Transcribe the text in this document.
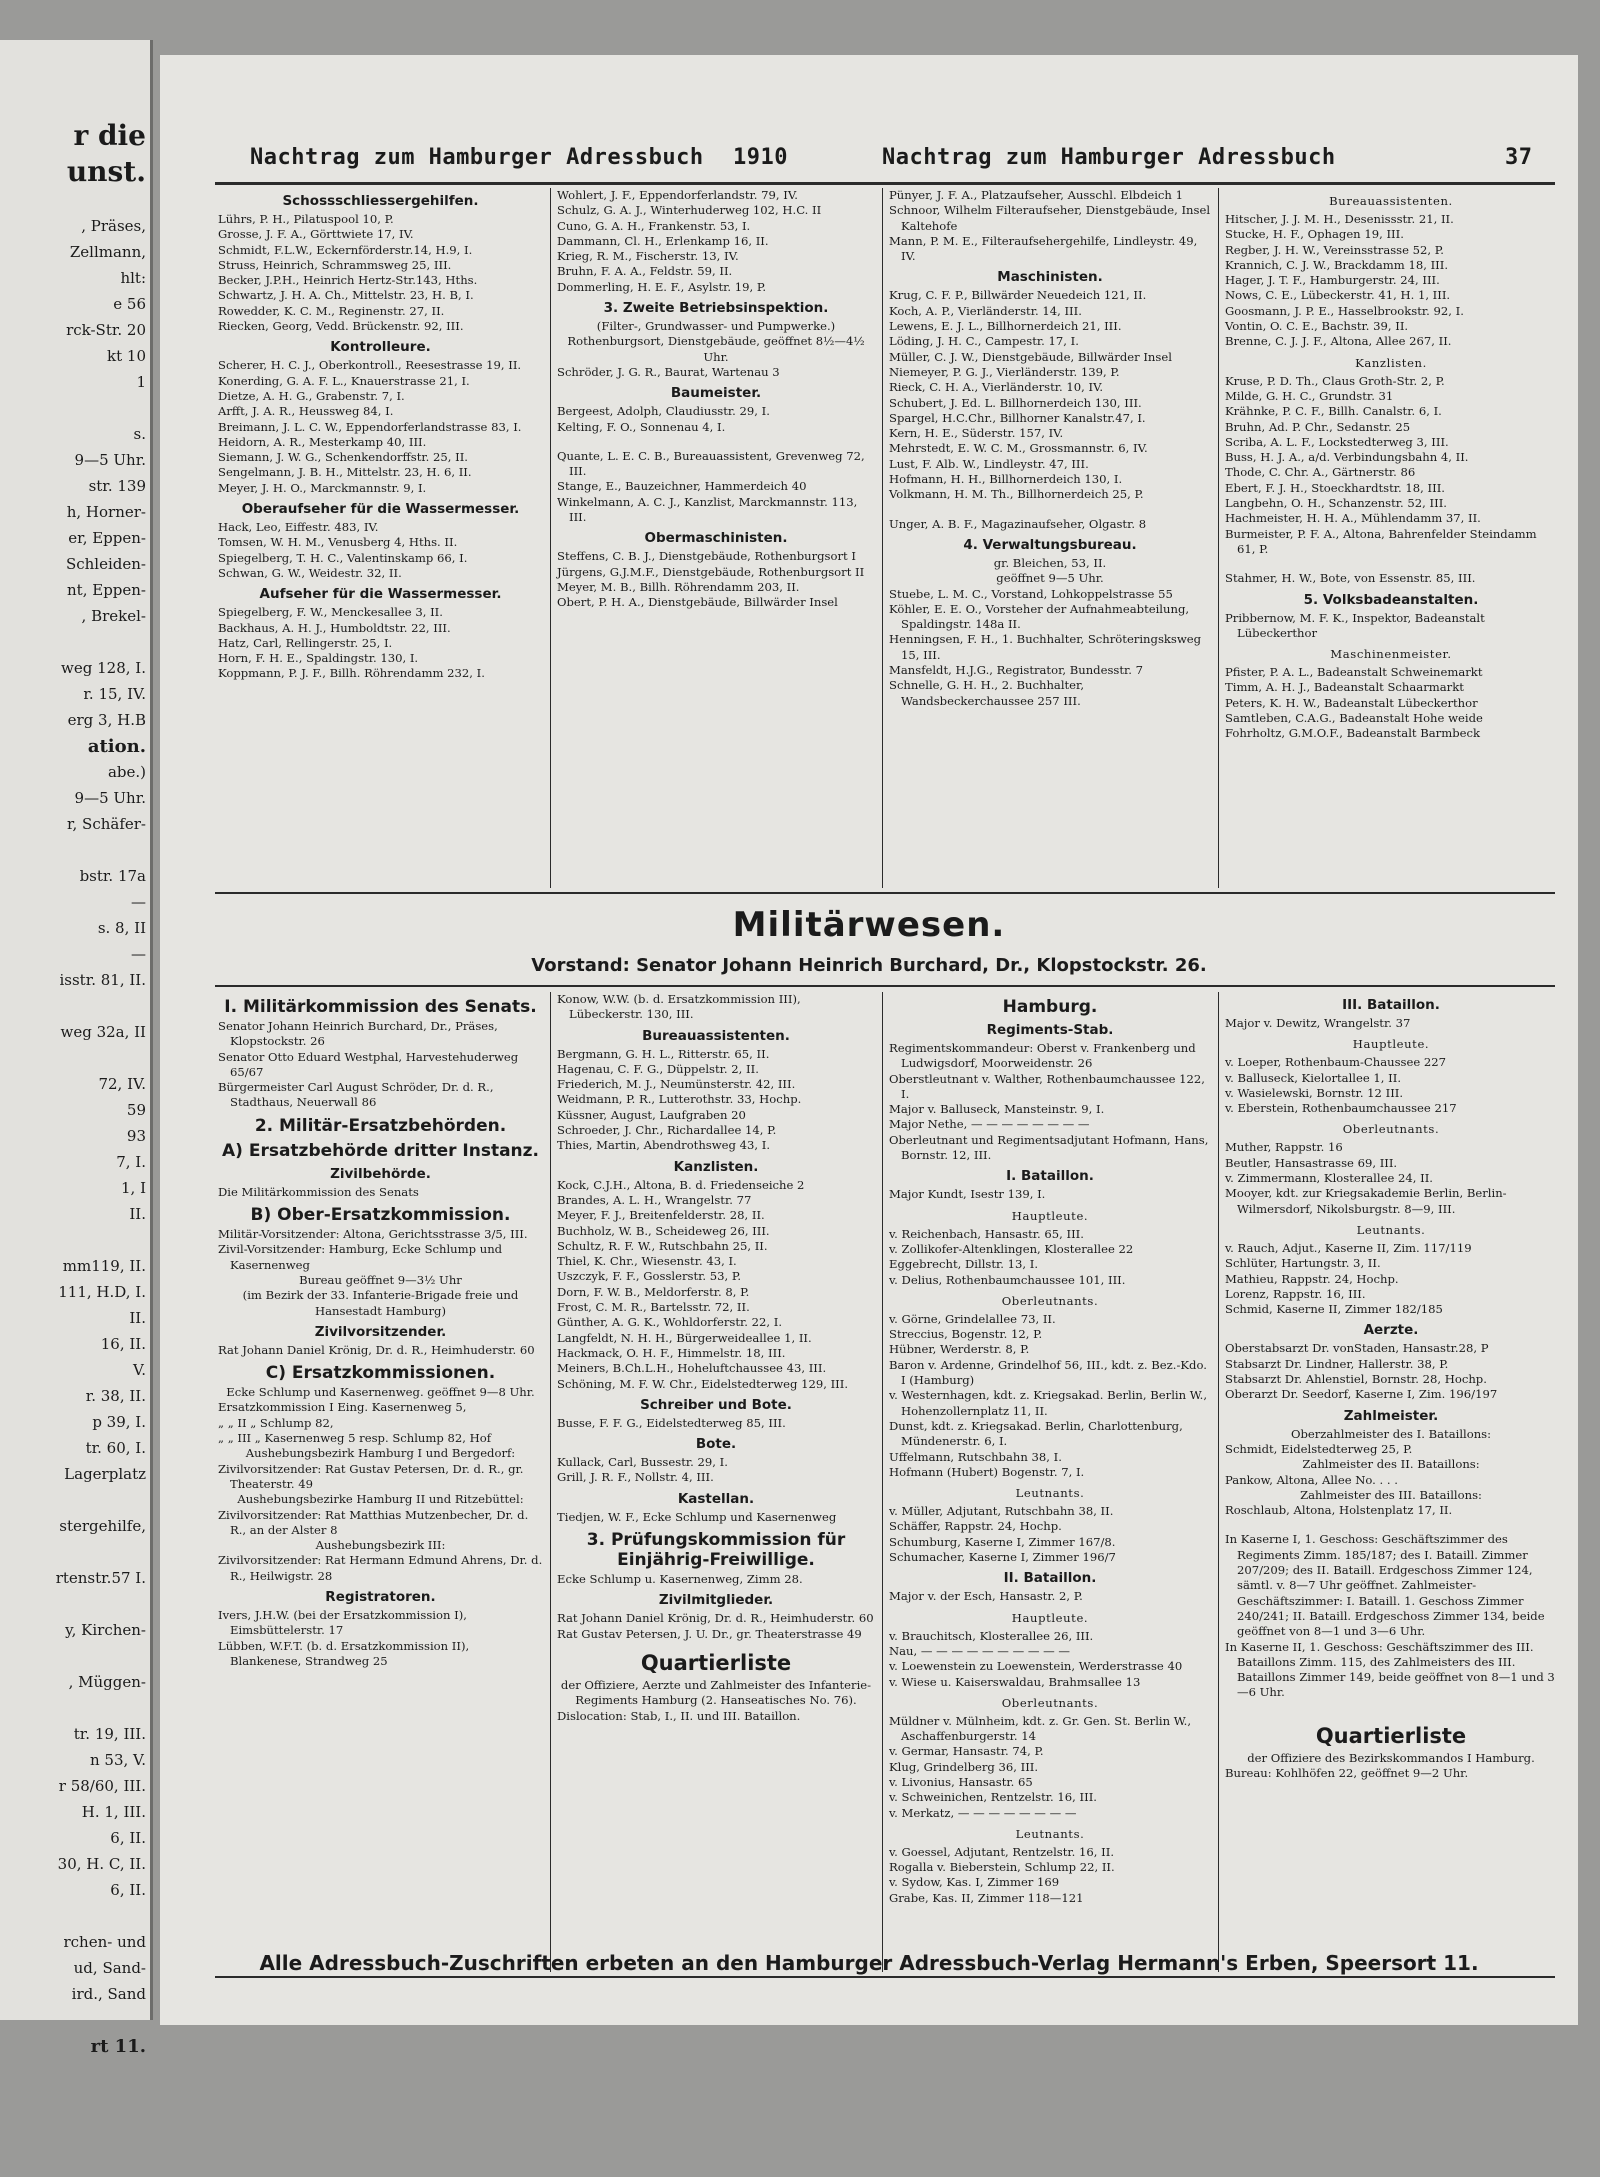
r die
unst.
, Präses,
Zellmann,
hlt:
e 56
rck-Str. 20
kt 10
1
s.
9—5 Uhr.
str. 139
h, Horner-
er, Eppen-
Schleiden-
nt, Eppen-
, Brekel-
weg 128, I.
r. 15, IV.
erg 3, H.B
ation.
abe.)
9—5 Uhr.
r, Schäfer-
bstr. 17a
—
s. 8, II
—
isstr. 81, II.
weg 32a, II
72, IV.
59
93
7, I.
1, I
II.
mm119, II.
111, H.D, I.
II.
16, II.
V.
r. 38, II.
p 39, I.
tr. 60, I.
Lagerplatz
stergehilfe,
rtenstr.57 I.
y, Kirchen-
, Müggen-
tr. 19, III.
n 53, V.
r 58/60, III.
H. 1, III.
6, II.
30, H. C, II.
6, II.
rchen- und
ud, Sand-
ird., Sand
rt 11.
Nachtrag zum Hamburger Adressbuch 1910	Nachtrag zum Hamburger Adressbuch	37
Schossschliessergehilfen.

Lührs, P. H., Pilatuspool 10, P.

Grosse, J. F. A., Görttwiete 17, IV.

Schmidt, F.L.W., Eckernförderstr.14, H.9, I.

Struss, Heinrich, Schrammsweg 25, III.

Becker, J.P.H., Heinrich Hertz-Str.143, Hths.

Schwartz, J. H. A. Ch., Mittelstr. 23, H. B, I.

Rowedder, K. C. M., Reginenstr. 27, II.

Riecken, Georg, Vedd. Brückenstr. 92, III.

Kontrolleure.

Scherer, H. C. J., Oberkontroll., Reesestrasse 19, II.

Konerding, G. A. F. L., Knauerstrasse 21, I.

Dietze, A. H. G., Grabenstr. 7, I.

Arfft, J. A. R., Heussweg 84, I.

Breimann, J. L. C. W., Eppendorferlandstrasse 83, I.

Heidorn, A. R., Mesterkamp 40, III.

Siemann, J. W. G., Schenkendorffstr. 25, II.

Sengelmann, J. B. H., Mittelstr. 23, H. 6, II.

Meyer, J. H. O., Marckmannstr. 9, I.

Oberaufseher für die Wassermesser.

Hack, Leo, Eiffestr. 483, IV.

Tomsen, W. H. M., Venusberg 4, Hths. II.

Spiegelberg, T. H. C., Valentinskamp 66, I.

Schwan, G. W., Weidestr. 32, II.

Aufseher für die Wassermesser.

Spiegelberg, F. W., Menckesallee 3, II.

Backhaus, A. H. J., Humboldtstr. 22, III.

Hatz, Carl, Rellingerstr. 25, I.

Horn, F. H. E., Spaldingstr. 130, I.

Koppmann, P. J. F., Billh. Röhrendamm 232, I.

Wohlert, J. F., Eppendorferlandstr. 79, IV.

Schulz, G. A. J., Winterhuderweg 102, H.C. II

Cuno, G. A. H., Frankenstr. 53, I.

Dammann, Cl. H., Erlenkamp 16, II.

Krieg, R. M., Fischerstr. 13, IV.

Bruhn, F. A. A., Feldstr. 59, II.

Dommerling, H. E. F., Asylstr. 19, P.

3. Zweite Betriebsinspektion.

(Filter-, Grundwasser- und Pumpwerke.)

Rothenburgsort, Dienstgebäude, geöffnet 8½—4½ Uhr.

Schröder, J. G. R., Baurat, Wartenau 3

Baumeister.

Bergeest, Adolph, Claudiusstr. 29, I.

Kelting, F. O., Sonnenau 4, I.

Quante, L. E. C. B., Bureauassistent, Grevenweg 72, III.

Stange, E., Bauzeichner, Hammerdeich 40

Winkelmann, A. C. J., Kanzlist, Marckmannstr. 113, III.

Obermaschinisten.

Steffens, C. B. J., Dienstgebäude, Rothenburgsort I

Jürgens, G.J.M.F., Dienstgebäude, Rothenburgsort II

Meyer, M. B., Billh. Röhrendamm 203, II.

Obert, P. H. A., Dienstgebäude, Billwärder Insel

Pünyer, J. F. A., Platzaufseher, Ausschl. Elbdeich 1

Schnoor, Wilhelm Filteraufseher, Dienstgebäude, Insel Kaltehofe

Mann, P. M. E., Filteraufsehergehilfe, Lindleystr. 49, IV.

Maschinisten.

Krug, C. F. P., Billwärder Neuedeich 121, II.

Koch, A. P., Vierländerstr. 14, III.

Lewens, E. J. L., Billhornerdeich 21, III.

Löding, J. H. C., Campestr. 17, I.

Müller, C. J. W., Dienstgebäude, Billwärder Insel

Niemeyer, P. G. J., Vierländerstr. 139, P.

Rieck, C. H. A., Vierländerstr. 10, IV.

Schubert, J. Ed. L. Billhornerdeich 130, III.

Spargel, H.C.Chr., Billhorner Kanalstr.47, I.

Kern, H. E., Süderstr. 157, IV.

Mehrstedt, E. W. C. M., Grossmannstr. 6, IV.

Lust, F. Alb. W., Lindleystr. 47, III.

Hofmann, H. H., Billhornerdeich 130, I.

Volkmann, H. M. Th., Billhornerdeich 25, P.

Unger, A. B. F., Magazinaufseher, Olgastr. 8

4. Verwaltungsbureau.

gr. Bleichen, 53, II.

geöffnet 9—5 Uhr.

Stuebe, L. M. C., Vorstand, Lohkoppelstrasse 55

Köhler, E. E. O., Vorsteher der Aufnahmeabteilung, Spaldingstr. 148a II.

Henningsen, F. H., 1. Buchhalter, Schröteringsksweg 15, III.

Mansfeldt, H.J.G., Registrator, Bundesstr. 7

Schnelle, G. H. H., 2. Buchhalter, Wandsbeckerchaussee 257 III.

Bureauassistenten.

Hitscher, J. J. M. H., Desenissstr. 21, II.

Stucke, H. F., Ophagen 19, III.

Regber, J. H. W., Vereinsstrasse 52, P.

Krannich, C. J. W., Brackdamm 18, III.

Hager, J. T. F., Hamburgerstr. 24, III.

Nows, C. E., Lübeckerstr. 41, H. 1, III.

Goosmann, J. P. E., Hasselbrookstr. 92, I.

Vontin, O. C. E., Bachstr. 39, II.

Brenne, C. J. J. F., Altona, Allee 267, II.

Kanzlisten.

Kruse, P. D. Th., Claus Groth-Str. 2, P.

Milde, G. H. C., Grundstr. 31

Krähnke, P. C. F., Billh. Canalstr. 6, I.

Bruhn, Ad. P. Chr., Sedanstr. 25

Scriba, A. L. F., Lockstedterweg 3, III.

Buss, H. J. A., a/d. Verbindungsbahn 4, II.

Thode, C. Chr. A., Gärtnerstr. 86

Ebert, F. J. H., Stoeckhardtstr. 18, III.

Langbehn, O. H., Schanzenstr. 52, III.

Hachmeister, H. H. A., Mühlendamm 37, II.

Burmeister, P. F. A., Altona, Bahrenfelder Steindamm 61, P.

Stahmer, H. W., Bote, von Essenstr. 85, III.

5. Volksbadeanstalten.

Pribbernow, M. F. K., Inspektor, Badeanstalt Lübeckerthor

Maschinenmeister.

Pfister, P. A. L., Badeanstalt Schweinemarkt

Timm, A. H. J., Badeanstalt Schaarmarkt

Peters, K. H. W., Badeanstalt Lübeckerthor

Samtleben, C.A.G., Badeanstalt Hohe weide

Fohrholtz, G.M.O.F., Badeanstalt Barmbeck

Militärwesen.
Vorstand: Senator Johann Heinrich Burchard, Dr., Klopstockstr. 26.
I. Militärkommission des Senats.

Senator Johann Heinrich Burchard, Dr., Präses, Klopstockstr. 26

Senator Otto Eduard Westphal, Harvestehuderweg 65/67

Bürgermeister Carl August Schröder, Dr. d. R., Stadthaus, Neuerwall 86

2. Militär-Ersatzbehörden.
A) Ersatzbehörde dritter Instanz.
Zivilbehörde.

Die Militärkommission des Senats

B) Ober-Ersatzkommission.

Militär-Vorsitzender: Altona, Gerichtsstrasse 3/5, III.

Zivil-Vorsitzender: Hamburg, Ecke Schlump und Kasernenweg

Bureau geöffnet 9—3½ Uhr

(im Bezirk der 33. Infanterie-Brigade freie und Hansestadt Hamburg)

Zivilvorsitzender.

Rat Johann Daniel Krönig, Dr. d. R., Heimhuderstr. 60

C) Ersatzkommissionen.

Ecke Schlump und Kasernenweg. geöffnet 9—8 Uhr.

Ersatzkommission I Eing. Kasernenweg 5,

„ „ II „ Schlump 82,

„ „ III „ Kasernenweg 5 resp. Schlump 82, Hof

Aushebungsbezirk Hamburg I und Bergedorf:

Zivilvorsitzender: Rat Gustav Petersen, Dr. d. R., gr. Theaterstr. 49

Aushebungsbezirke Hamburg II und Ritzebüttel:

Zivilvorsitzender: Rat Matthias Mutzenbecher, Dr. d. R., an der Alster 8

Aushebungsbezirk III:

Zivilvorsitzender: Rat Hermann Edmund Ahrens, Dr. d. R., Heilwigstr. 28

Registratoren.

Ivers, J.H.W. (bei der Ersatzkommission I), Eimsbüttelerstr. 17

Lübben, W.F.T. (b. d. Ersatzkommission II), Blankenese, Strandweg 25

Konow, W.W. (b. d. Ersatzkommission III), Lübeckerstr. 130, III.

Bureauassistenten.

Bergmann, G. H. L., Ritterstr. 65, II.

Hagenau, C. F. G., Düppelstr. 2, II.

Friederich, M. J., Neumünsterstr. 42, III.

Weidmann, P. R., Lutterothstr. 33, Hochp.

Küssner, August, Laufgraben 20

Schroeder, J. Chr., Richardallee 14, P.

Thies, Martin, Abendrothsweg 43, I.

Kanzlisten.

Kock, C.J.H., Altona, B. d. Friedenseiche 2

Brandes, A. L. H., Wrangelstr. 77

Meyer, F. J., Breitenfelderstr. 28, II.

Buchholz, W. B., Scheideweg 26, III.

Schultz, R. F. W., Rutschbahn 25, II.

Thiel, K. Chr., Wiesenstr. 43, I.

Uszczyk, F. F., Gosslerstr. 53, P.

Dorn, F. W. B., Meldorferstr. 8, P.

Frost, C. M. R., Bartelsstr. 72, II.

Günther, A. G. K., Wohldorferstr. 22, I.

Langfeldt, N. H. H., Bürgerweideallee 1, II.

Hackmack, O. H. F., Himmelstr. 18, III.

Meiners, B.Ch.L.H., Hoheluftchaussee 43, III.

Schöning, M. F. W. Chr., Eidelstedterweg 129, III.

Schreiber und Bote.

Busse, F. F. G., Eidelstedterweg 85, III.

Bote.

Kullack, Carl, Bussestr. 29, I.

Grill, J. R. F., Nollstr. 4, III.

Kastellan.

Tiedjen, W. F., Ecke Schlump und Kasernenweg

3. Prüfungskommission für Einjährig-Freiwillige.

Ecke Schlump u. Kasernenweg, Zimm 28.

Zivilmitglieder.

Rat Johann Daniel Krönig, Dr. d. R., Heimhuderstr. 60

Rat Gustav Petersen, J. U. Dr., gr. Theaterstrasse 49

Quartierliste

der Offiziere, Aerzte und Zahlmeister des Infanterie-Regiments Hamburg (2. Hanseatisches No. 76).

Dislocation: Stab, I., II. und III. Bataillon.

Hamburg.
Regiments-Stab.

Regimentskommandeur: Oberst v. Frankenberg und Ludwigsdorf, Moorweidenstr. 26

Oberstleutnant v. Walther, Rothenbaumchaussee 122, I.

Major v. Balluseck, Mansteinstr. 9, I.

Major Nethe, — — — — — — — —

Oberleutnant und Regimentsadjutant Hofmann, Hans, Bornstr. 12, III.

I. Bataillon.

Major Kundt, Isestr 139, I.

Hauptleute.

v. Reichenbach, Hansastr. 65, III.

v. Zollikofer-Altenklingen, Klosterallee 22

Eggebrecht, Dillstr. 13, I.

v. Delius, Rothenbaumchaussee 101, III.

Oberleutnants.

v. Görne, Grindelallee 73, II.

Streccius, Bogenstr. 12, P.

Hübner, Werderstr. 8, P.

Baron v. Ardenne, Grindelhof 56, III., kdt. z. Bez.-Kdo. I (Hamburg)

v. Westernhagen, kdt. z. Kriegsakad. Berlin, Berlin W., Hohenzollernplatz 11, II.

Dunst, kdt. z. Kriegsakad. Berlin, Charlottenburg, Mündenerstr. 6, I.

Uffelmann, Rutschbahn 38, I.

Hofmann (Hubert) Bogenstr. 7, I.

Leutnants.

v. Müller, Adjutant, Rutschbahn 38, II.

Schäffer, Rappstr. 24, Hochp.

Schumburg, Kaserne I, Zimmer 167/8.

Schumacher, Kaserne I, Zimmer 196/7

II. Bataillon.

Major v. der Esch, Hansastr. 2, P.

Hauptleute.

v. Brauchitsch, Klosterallee 26, III.

Nau, — — — — — — — — — —

v. Loewenstein zu Loewenstein, Werderstrasse 40

v. Wiese u. Kaiserswaldau, Brahmsallee 13

Oberleutnants.

Müldner v. Mülnheim, kdt. z. Gr. Gen. St. Berlin W., Aschaffenburgerstr. 14

v. Germar, Hansastr. 74, P.

Klug, Grindelberg 36, III.

v. Livonius, Hansastr. 65

v. Schweinichen, Rentzelstr. 16, III.

v. Merkatz, — — — — — — — —

Leutnants.

v. Goessel, Adjutant, Rentzelstr. 16, II.

Rogalla v. Bieberstein, Schlump 22, II.

v. Sydow, Kas. I, Zimmer 169

Grabe, Kas. II, Zimmer 118—121

III. Bataillon.

Major v. Dewitz, Wrangelstr. 37

Hauptleute.

v. Loeper, Rothenbaum-Chaussee 227

v. Balluseck, Kielortallee 1, II.

v. Wasielewski, Bornstr. 12 III.

v. Eberstein, Rothenbaumchaussee 217

Oberleutnants.

Muther, Rappstr. 16

Beutler, Hansastrasse 69, III.

v. Zimmermann, Klosterallee 24, II.

Mooyer, kdt. zur Kriegsakademie Berlin, Berlin-Wilmersdorf, Nikolsburgstr. 8—9, III.

Leutnants.

v. Rauch, Adjut., Kaserne II, Zim. 117/119

Schlüter, Hartungstr. 3, II.

Mathieu, Rappstr. 24, Hochp.

Lorenz, Rappstr. 16, III.

Schmid, Kaserne II, Zimmer 182/185

Aerzte.

Oberstabsarzt Dr. vonStaden, Hansastr.28, P

Stabsarzt Dr. Lindner, Hallerstr. 38, P.

Stabsarzt Dr. Ahlenstiel, Bornstr. 28, Hochp.

Oberarzt Dr. Seedorf, Kaserne I, Zim. 196/197

Zahlmeister.

Oberzahlmeister des I. Bataillons:

Schmidt, Eidelstedterweg 25, P.

Zahlmeister des II. Bataillons:

Pankow, Altona, Allee No. . . .

Zahlmeister des III. Bataillons:

Roschlaub, Altona, Holstenplatz 17, II.

In Kaserne I, 1. Geschoss: Geschäftszimmer des Regiments Zimm. 185/187; des I. Bataill. Zimmer 207/209; des II. Bataill. Erdgeschoss Zimmer 124, sämtl. v. 8—7 Uhr geöffnet. Zahlmeister-Geschäftszimmer: I. Bataill. 1. Geschoss Zimmer 240/241; II. Bataill. Erdgeschoss Zimmer 134, beide geöffnet von 8—1 und 3—6 Uhr.

In Kaserne II, 1. Geschoss: Geschäftszimmer des III. Bataillons Zimm. 115, des Zahlmeisters des III. Bataillons Zimmer 149, beide geöffnet von 8—1 und 3—6 Uhr.

Quartierliste

der Offiziere des Bezirkskommandos I Hamburg.

Bureau: Kohlhöfen 22, geöffnet 9—2 Uhr.

Alle Adressbuch-Zuschriften erbeten an den Hamburger Adressbuch-Verlag Hermann's Erben, Speersort 11.
